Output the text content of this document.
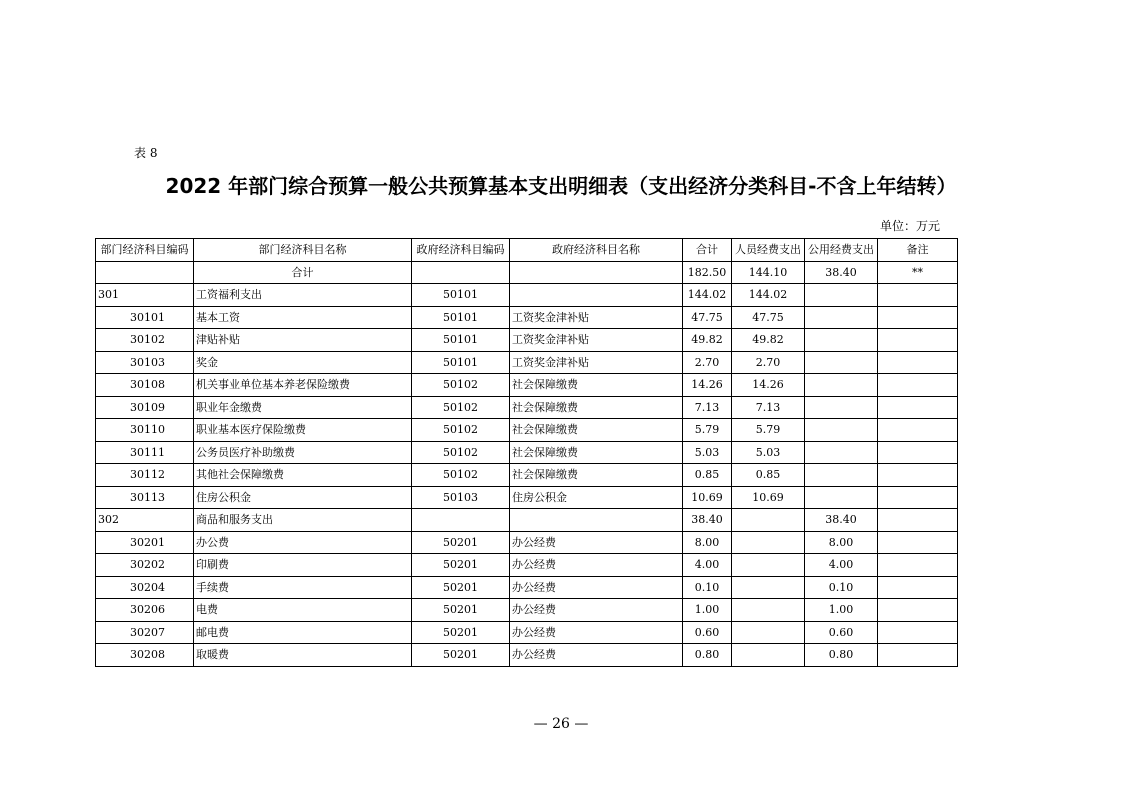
表 8
2022 年部门综合预算一般公共预算基本支出明细表（支出经济分类科目-不含上年结转）
单位：万元
部门经济科目编码	部门经济科目名称	政府经济科目编码	政府经济科目名称	合计	人员经费支出	公用经费支出	备注
	合计			182.50	144.10	38.40	**
301	工资福利支出	50101		144.02	144.02		
30101	基本工资	50101	工资奖金津补贴	47.75	47.75		
30102	津贴补贴	50101	工资奖金津补贴	49.82	49.82		
30103	奖金	50101	工资奖金津补贴	2.70	2.70		
30108	机关事业单位基本养老保险缴费	50102	社会保障缴费	14.26	14.26		
30109	职业年金缴费	50102	社会保障缴费	7.13	7.13		
30110	职业基本医疗保险缴费	50102	社会保障缴费	5.79	5.79		
30111	公务员医疗补助缴费	50102	社会保障缴费	5.03	5.03		
30112	其他社会保障缴费	50102	社会保障缴费	0.85	0.85		
30113	住房公积金	50103	住房公积金	10.69	10.69		
302	商品和服务支出			38.40		38.40	
30201	办公费	50201	办公经费	8.00		8.00	
30202	印刷费	50201	办公经费	4.00		4.00	
30204	手续费	50201	办公经费	0.10		0.10	
30206	电费	50201	办公经费	1.00		1.00	
30207	邮电费	50201	办公经费	0.60		0.60	
30208	取暖费	50201	办公经费	0.80		0.80	
— 26 —
